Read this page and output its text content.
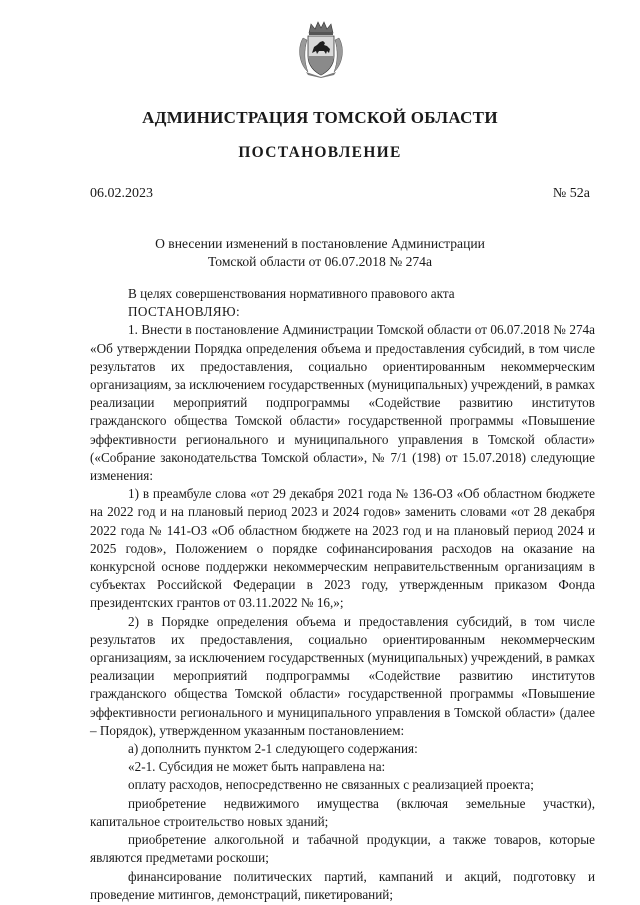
АДМИНИСТРАЦИЯ ТОМСКОЙ ОБЛАСТИ
ПОСТАНОВЛЕНИЕ
06.02.2023	№ 52а
О внесении изменений в постановление Администрации
Томской области от 06.07.2018 № 274а

В целях совершенствования нормативного правового акта

ПОСТАНОВЛЯЮ:

1. Внести в постановление Администрации Томской области от 06.07.2018 № 274а «Об утверждении Порядка определения объема и предоставления субсидий, в том числе результатов их предоставления, социально ориентированным некоммерческим организациям, за исключением государственных (муниципальных) учреждений, в рамках реализации мероприятий подпрограммы «Содействие развитию институтов гражданского общества Томской области» государственной программы «Повышение эффективности регионального и муниципального управления в Томской области» («Собрание законодательства Томской области», № 7/1 (198) от 15.07.2018) следующие изменения:

1) в преамбуле слова «от 29 декабря 2021 года № 136-ОЗ «Об областном бюджете на 2022 год и на плановый период 2023 и 2024 годов» заменить словами «от 28 декабря 2022 года № 141-ОЗ «Об областном бюджете на 2023 год и на плановый период 2024 и 2025 годов», Положением о порядке софинансирования расходов на оказание на конкурсной основе поддержки некоммерческим неправительственным организациям в субъектах Российской Федерации в 2023 году, утвержденным приказом Фонда президентских грантов от 03.11.2022 № 16,»;

2) в Порядке определения объема и предоставления субсидий, в том числе результатов их предоставления, социально ориентированным некоммерческим организациям, за исключением государственных (муниципальных) учреждений, в рамках реализации мероприятий подпрограммы «Содействие развитию институтов гражданского общества Томской области» государственной программы «Повышение эффективности регионального и муниципального управления в Томской области» (далее – Порядок), утвержденном указанным постановлением:

а) дополнить пунктом 2-1 следующего содержания:

«2-1. Субсидия не может быть направлена на:

оплату расходов, непосредственно не связанных с реализацией проекта;

приобретение недвижимого имущества (включая земельные участки), капитальное строительство новых зданий;

приобретение алкогольной и табачной продукции, а также товаров, которые являются предметами роскоши;

финансирование политических партий, кампаний и акций, подготовку и проведение митингов, демонстраций, пикетирований;
